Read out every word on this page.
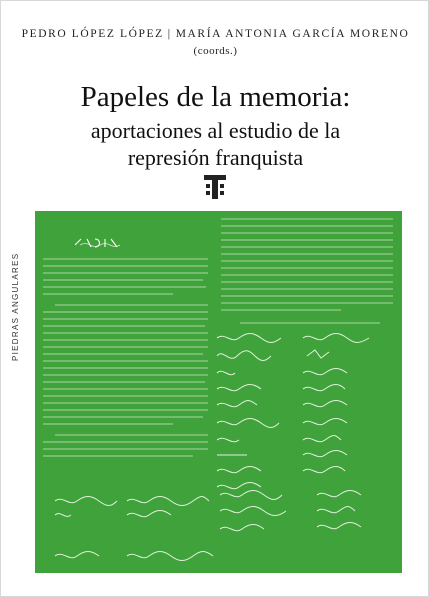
PEDRO LÓPEZ LÓPEZ | MARÍA ANTONIA GARCÍA MORENO
(coords.)
Papeles de la memoria:
aportaciones al estudio de la
represión franquista
PIEDRAS ANGULARES
